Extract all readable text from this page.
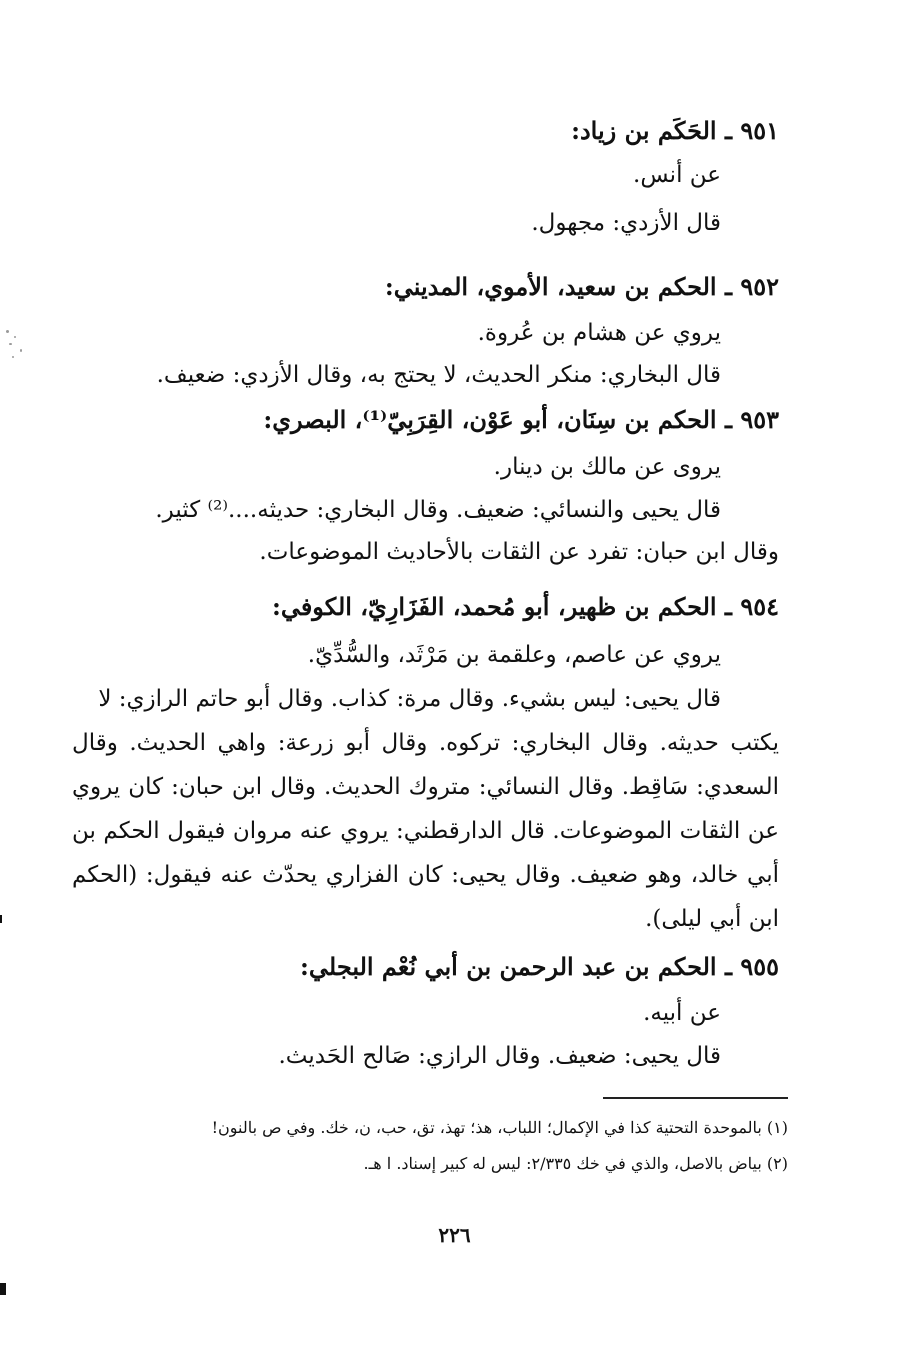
٩٥١ ـ الحَكَم بن زياد:
عن أنس.
قال الأزدي: مجهول.
٩٥٢ ـ الحكم بن سعيد، الأموي، المديني:
يروي عن هشام بن عُروة.
قال البخاري: منكر الحديث، لا يحتج به، وقال الأزدي: ضعيف.
٩٥٣ ـ الحكم بن سِنَان، أبو عَوْن، القِرَبِيّ⁽¹⁾، البصري:
يروى عن مالك بن دينار.
قال يحيى والنسائي: ضعيف. وقال البخاري: حديثه....⁽²⁾ كثير.
وقال ابن حبان: تفرد عن الثقات بالأحاديث الموضوعات.
٩٥٤ ـ الحكم بن ظهير، أبو مُحمد، الفَزَارِيّ، الكوفي:
يروي عن عاصم، وعلقمة بن مَرْثَد، والسُّدِّيّ.
قال يحيى: ليس بشيء. وقال مرة: كذاب. وقال أبو حاتم الرازي: لا
يكتب حديثه. وقال البخاري: تركوه. وقال أبو زرعة: واهي الحديث. وقال
السعدي: سَاقِط. وقال النسائي: متروك الحديث. وقال ابن حبان: كان يروي
عن الثقات الموضوعات. قال الدارقطني: يروي عنه مروان فيقول الحكم بن
أبي خالد، وهو ضعيف. وقال يحيى: كان الفزاري يحدّث عنه فيقول: (الحكم
ابن أبي ليلى).
٩٥٥ ـ الحكم بن عبد الرحمن بن أبي نُعْم البجلي:
عن أبيه.
قال يحيى: ضعيف. وقال الرازي: صَالح الحَديث.
(١) بالموحدة التحتية كذا في الإكمال؛ اللباب، هذ؛ تهذ، تق، حب، ن، خك. وفي ص بالنون!
(٢) بياض بالاصل، والذي في خك ٢/٣٣٥: ليس له كبير إسناد. ا هـ.
٢٢٦
